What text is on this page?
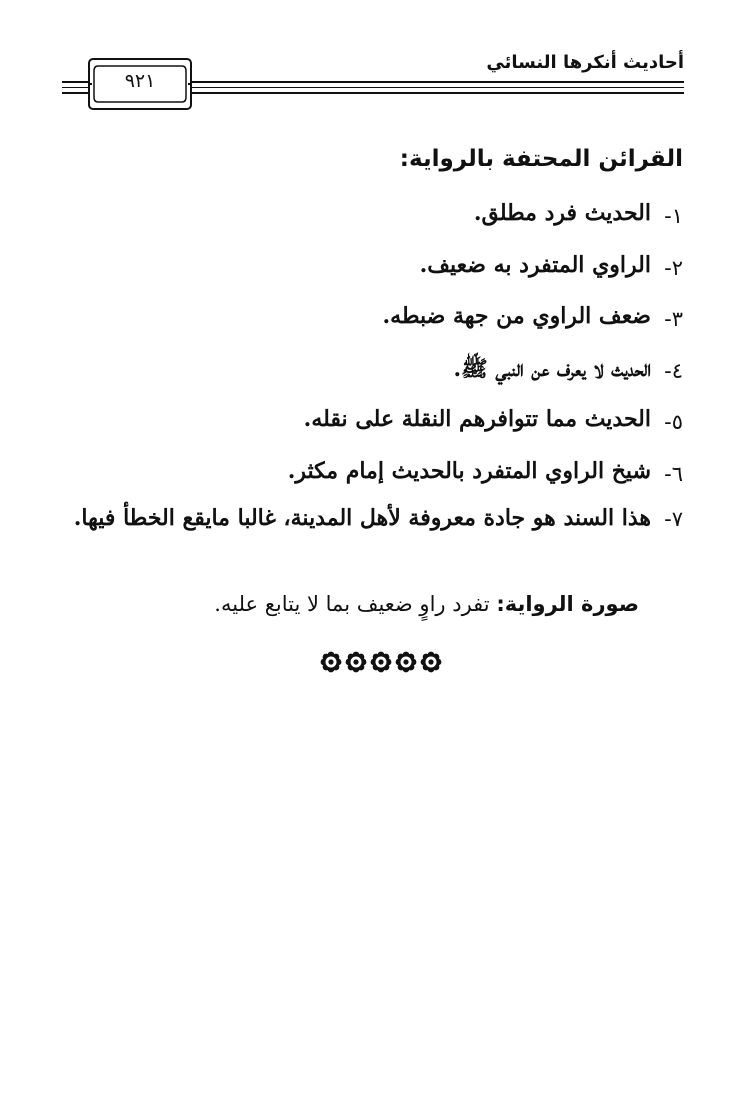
أحاديث أنكرها النسائي
٩٢١
القرائن المحتفة بالرواية:
١-
الحديث فرد مطلق.
٢-
الراوي المتفرد به ضعيف.
٣-
ضعف الراوي من جهة ضبطه.
٤-
الحديث لا يعرف عن النبي ﷺ.
٥-
الحديث مما تتوافرهم النقلة على نقله.
٦-
شيخ الراوي المتفرد بالحديث إمام مكثر.
٧-
هذا السند هو جادة معروفة لأهل المدينة، غالبا مايقع الخطأ فيها.
صورة الرواية: تفرد راوٍ ضعيف بما لا يتابع عليه.
